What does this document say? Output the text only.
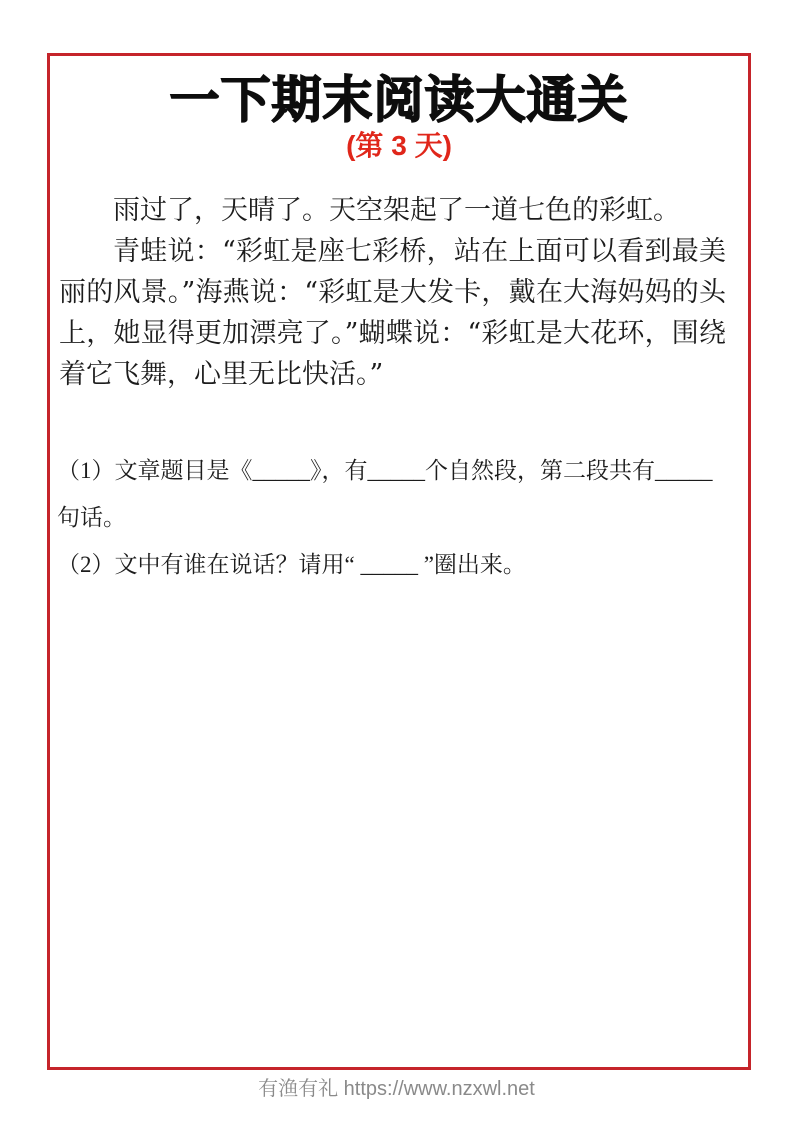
一下期末阅读大通关
(第 3 天)

雨过了，天晴了。天空架起了一道七色的彩虹。

青蛙说：“彩虹是座七彩桥，站在上面可以看到最美丽的风景。”海燕说：“彩虹是大发卡，戴在大海妈妈的头上，她显得更加漂亮了。”蝴蝶说：“彩虹是大花环，围绕着它飞舞，心里无比快活。”

（1）文章题目是《_____》，有_____个自然段，第二段共有_____句话。

（2）文中有谁在说话？请用“ _____ ”圈出来。

有渔有礼 https://www.nzxwl.net
